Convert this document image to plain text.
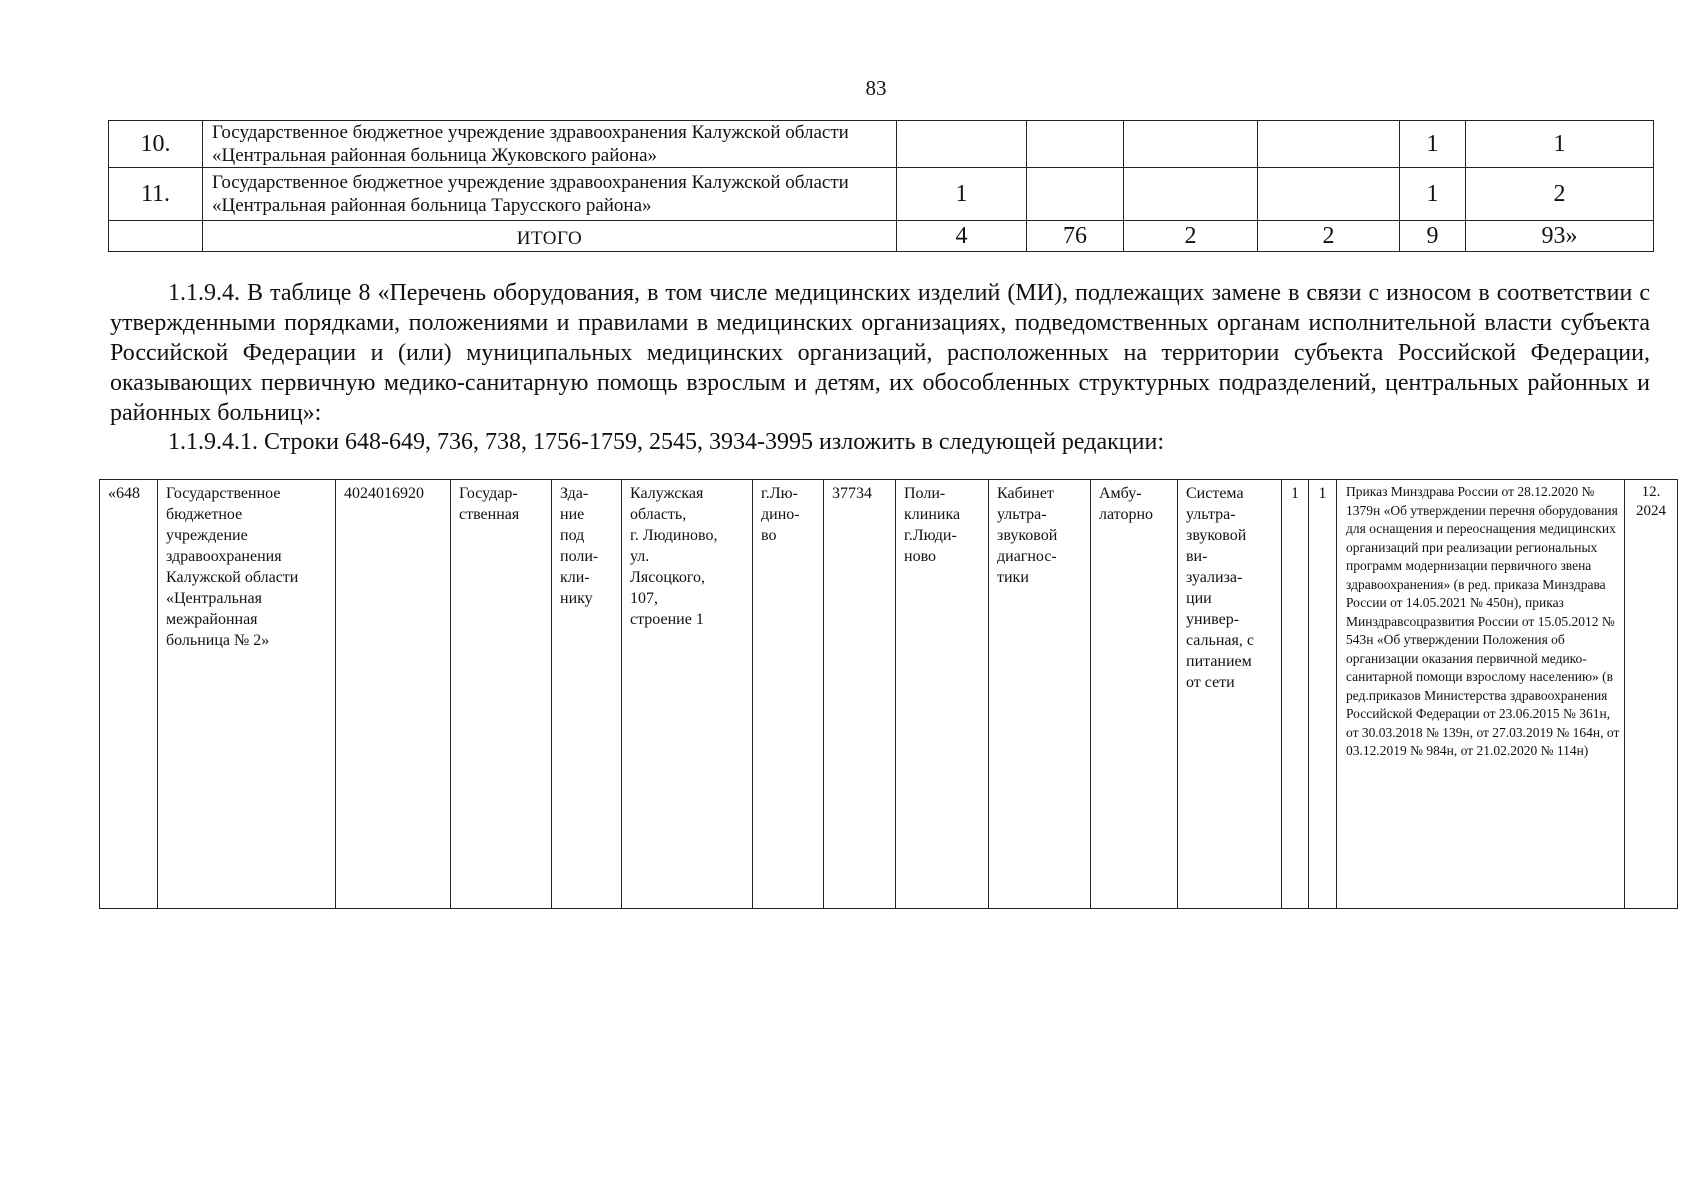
83
10.	Государственное бюджетное учреждение здравоохранения Калужской области «Центральная районная больница Жуковского района»					1	1
11.	Государственное бюджетное учреждение здравоохранения Калужской области «Центральная районная больница Тарусского района»	1				1	2
	ИТОГО	4	76	2	2	9	93»
1.1.9.4. В таблице 8 «Перечень оборудования, в том числе медицинских изделий (МИ), подлежащих замене в связи с износом в соответствии с утвержденными порядками, положениями и правилами в медицинских организациях, подведомственных органам исполнительной власти субъекта Российской Федерации и (или) муниципальных медицинских организаций, расположенных на территории субъекта Российской Федерации, оказывающих первичную медико-санитарную помощь взрослым и детям, их обособленных структурных подразделений, центральных районных и районных больниц»:
1.1.9.4.1. Строки 648-649, 736, 738, 1756-1759, 2545, 3934-3995 изложить в следующей редакции:
«648	Государственное
бюджетное
учреждение
здравоохранения
Калужской области
«Центральная
межрайонная
больница № 2»	4024016920	Государ-
ственная	Зда-
ние
под
поли-
кли-
нику	Калужская
область,
г. Людиново,
ул.
Лясоцкого,
107,
строение 1	г.Лю-
дино-
во	37734	Поли-
клиника
г.Люди-
ново	Кабинет
ультра-
звуковой
диагнос-
тики	Амбу-
латорно	Система
ультра-
звуковой
ви-
зуализа-
ции
универ-
сальная, с
питанием
от сети	1	1	Приказ Минздрава России от 28.12.2020 № 1379н «Об утверждении перечня оборудования для оснащения и переоснащения медицинских организаций при реализации региональных программ модернизации первичного звена здравоохранения» (в ред. приказа Минздрава России от 14.05.2021 № 450н), приказ Минздравсоцразвития России от 15.05.2012 № 543н «Об утверждении Положения об организации оказания первичной медико-санитарной помощи взрослому населению» (в ред.приказов Министерства здравоохранения Российской Федерации от 23.06.2015 № 361н, от 30.03.2018 № 139н, от 27.03.2019 № 164н, от 03.12.2019 № 984н, от 21.02.2020 № 114н)	12.
2024
